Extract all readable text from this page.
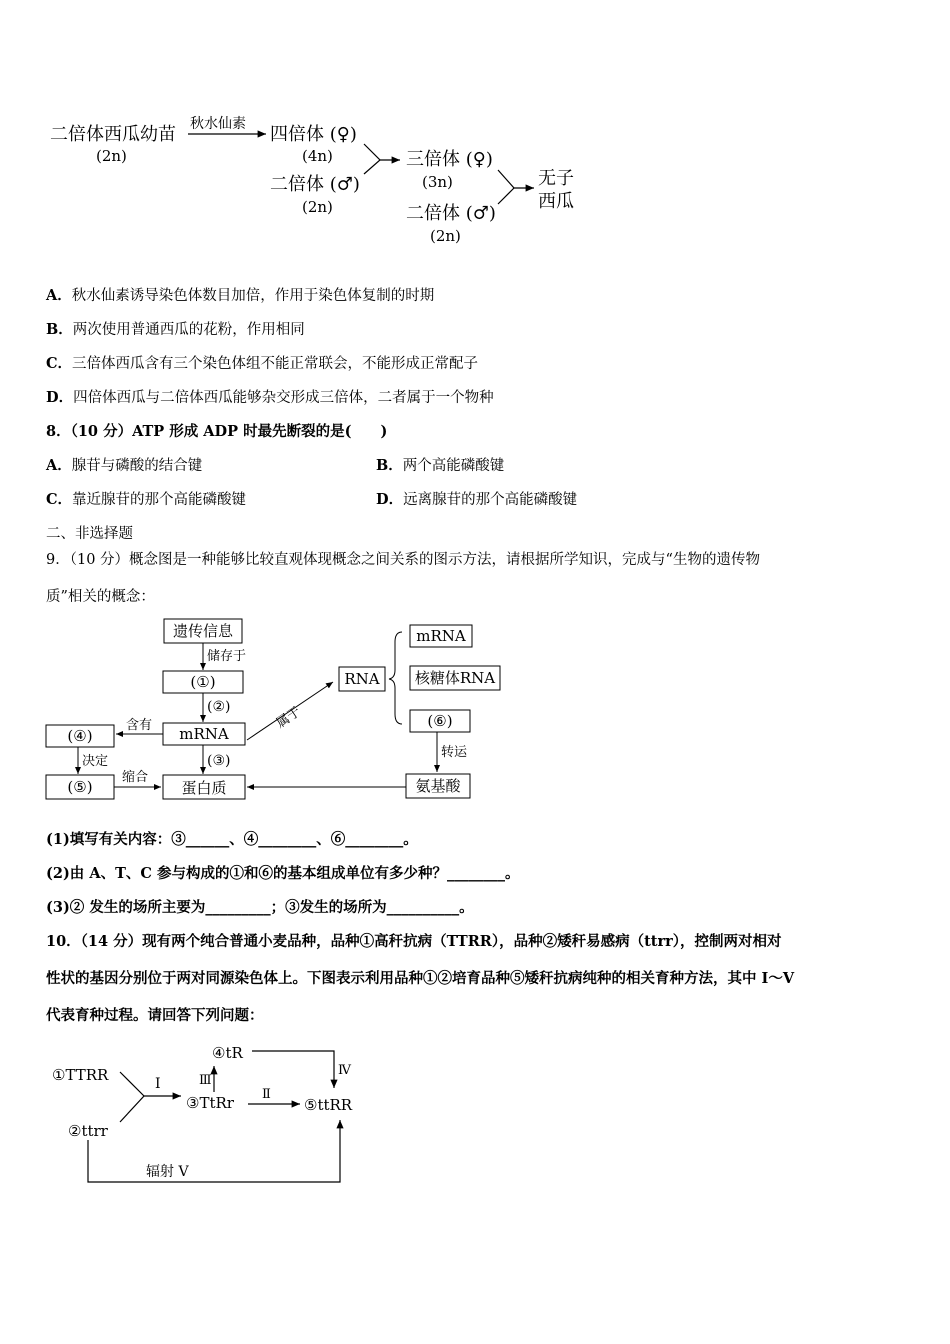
二倍体西瓜幼苗
(2n)
秋水仙素 四倍体 (♀)
(4n)
二倍体 (♂)
(2n)
三倍体 (♀)
(3n)
二倍体 (♂)
(2n)
无子
西瓜
A．秋水仙素诱导染色体数目加倍，作用于染色体复制的时期
B．两次使用普通西瓜的花粉，作用相同
C．三倍体西瓜含有三个染色体组不能正常联会，不能形成正常配子
D．四倍体西瓜与二倍体西瓜能够杂交形成三倍体，二者属于一个物种
8．（10 分）ATP 形成 ADP 时最先断裂的是(　　)
A．腺苷与磷酸的结合键	B．两个高能磷酸键
C．靠近腺苷的那个高能磷酸键	D．远离腺苷的那个高能磷酸键
二、非选择题
9．（10 分）概念图是一种能够比较直观体现概念之间关系的图示方法，请根据所学知识，完成与“生物的遗传物
质”相关的概念：
遗传信息
储存于
(①)
(②)
mRNA
(③)
(④)
含有
决定
(⑤)
缩合
蛋白质
属于
RNA
mRNA
核糖体RNA
(⑥)
转运
氨基酸
(1)填写有关内容：③______、④________、⑥________。
(2)由 A、T、C 参与构成的①和⑥的基本组成单位有多少种？________。
(3)② 发生的场所主要为_________；③发生的场所为__________。
10．（14 分）现有两个纯合普通小麦品种，品种①高秆抗病（TTRR），品种②矮秆易感病（ttrr），控制两对相对
性状的基因分别位于两对同源染色体上。下图表示利用品种①②培育品种⑤矮秆抗病纯种的相关育种方法，其中 I～V
代表育种过程。请回答下列问题：
①TTRR
②ttrr
I
③TtRr
Ⅲ
④tR
Ⅱ
⑤ttRR
Ⅳ
辐射 V
